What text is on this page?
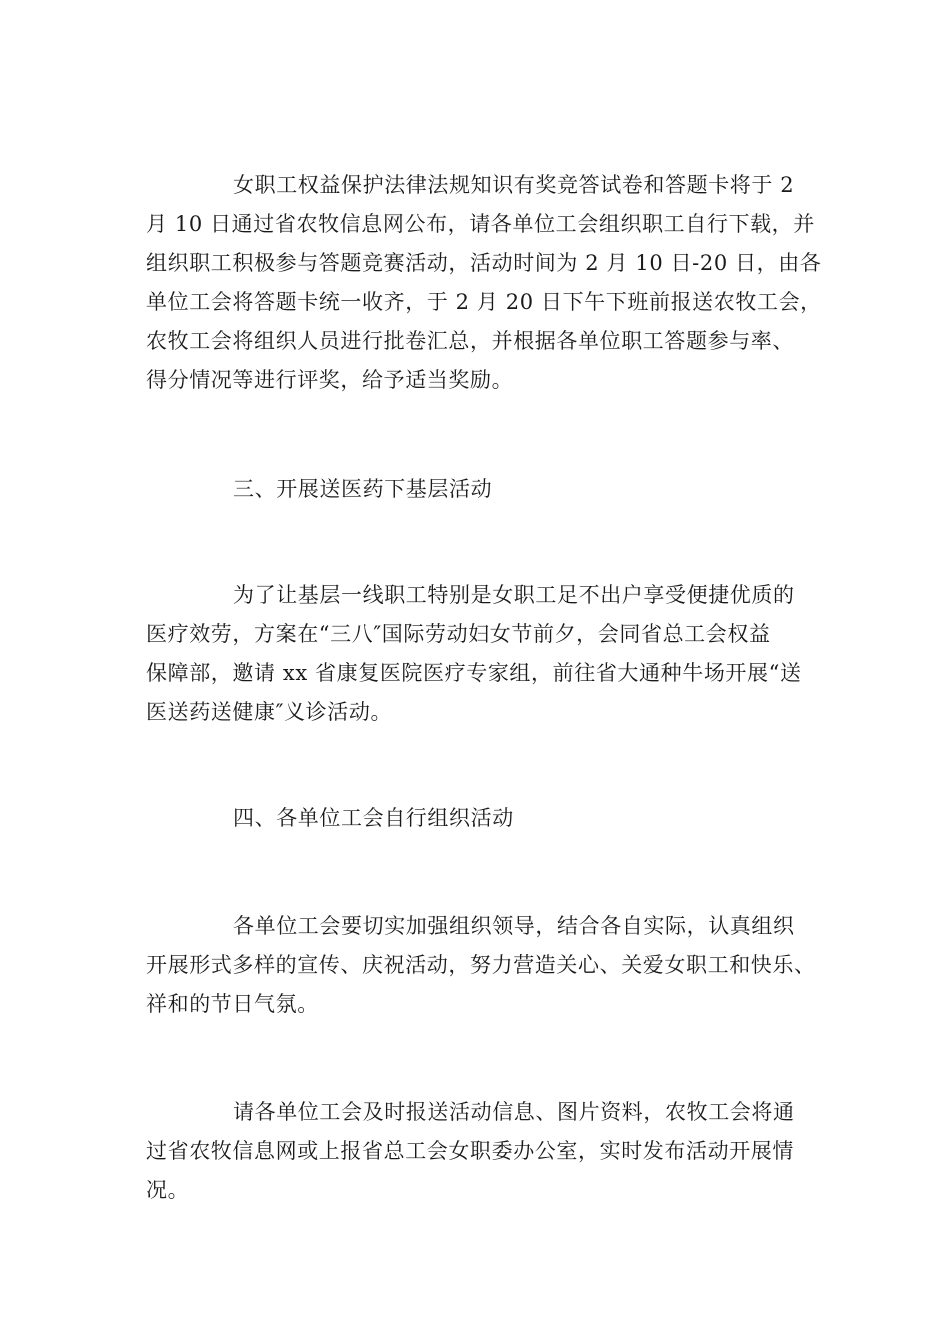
女职工权益保护法律法规知识有奖竞答试卷和答题卡将于 2
月 10 日通过省农牧信息网公布，请各单位工会组织职工自行下载，并
组织职工积极参与答题竞赛活动，活动时间为 2 月 10 日-20 日，由各
单位工会将答题卡统一收齐，于 2 月 20 日下午下班前报送农牧工会，
农牧工会将组织人员进行批卷汇总，并根据各单位职工答题参与率、
得分情况等进行评奖，给予适当奖励。
三、开展送医药下基层活动
为了让基层一线职工特别是女职工足不出户享受便捷优质的
医疗效劳，方案在“三八″国际劳动妇女节前夕，会同省总工会权益
保障部，邀请 xx 省康复医院医疗专家组，前往省大通种牛场开展“送
医送药送健康″义诊活动。
四、各单位工会自行组织活动
各单位工会要切实加强组织领导，结合各自实际，认真组织
开展形式多样的宣传、庆祝活动，努力营造关心、关爱女职工和快乐、
祥和的节日气氛。
请各单位工会及时报送活动信息、图片资料，农牧工会将通
过省农牧信息网或上报省总工会女职委办公室，实时发布活动开展情
况。
